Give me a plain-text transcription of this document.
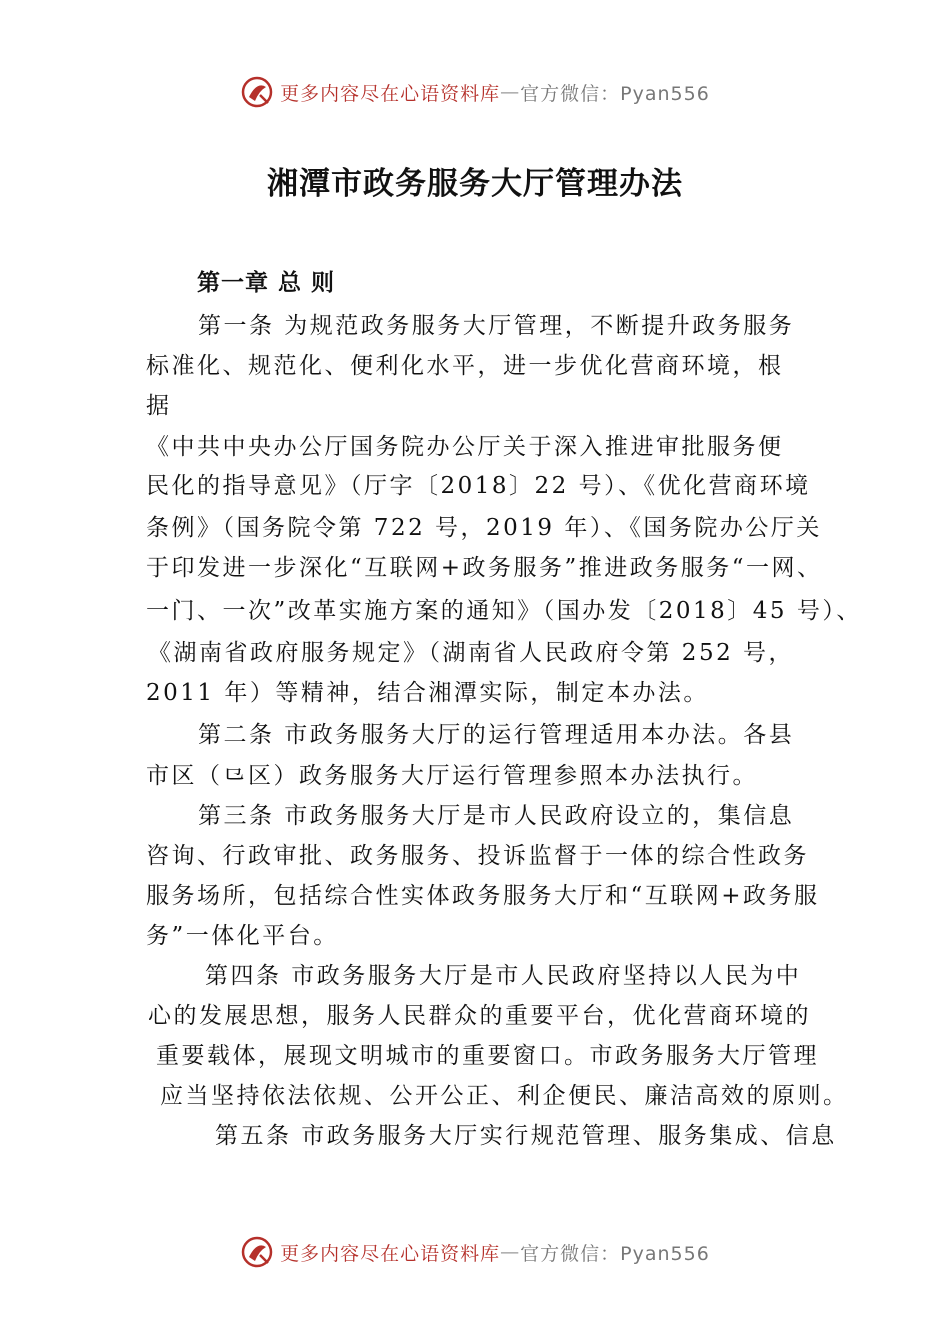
更多内容尽在心语资料库 — 官方微信：Pyan556
湘潭市政务服务大厅管理办法
第一章 总 则
第一条 为规范政务服务大厅管理，不断提升政务服务
标准化、规范化、便利化水平，进一步优化营商环境，根
据
《中共中央办公厅国务院办公厅关于深入推进审批服务便
民化的指导意见》（厅字〔2018〕22 号）、《优化营商环境
条例》（国务院令第 722 号，2019 年）、《国务院办公厅关
于印发进一步深化“互联网+政务服务”推进政务服务“一网、
一门、一次”改革实施方案的通知》（国办发〔2018〕45 号）、
《湖南省政府服务规定》（湖南省人民政府令第 252 号，
2011 年）等精神，结合湘潭实际，制定本办法。
第二条 市政务服务大厅的运行管理适用本办法。各县
市区（⺋区）政务服务大厅运行管理参照本办法执行。
第三条 市政务服务大厅是市人民政府设立的，集信息
咨询、行政审批、政务服务、投诉监督于一体的综合性政务
服务场所，包括综合性实体政务服务大厅和“互联网+政务服
务”一体化平台。
第四条 市政务服务大厅是市人民政府坚持以人民为中
心的发展思想，服务人民群众的重要平台，优化营商环境的
重要载体，展现文明城市的重要窗口。市政务服务大厅管理
应当坚持依法依规、公开公正、利企便民、廉洁高效的原则。
第五条 市政务服务大厅实行规范管理、服务集成、信息
更多内容尽在心语资料库 — 官方微信：Pyan556
